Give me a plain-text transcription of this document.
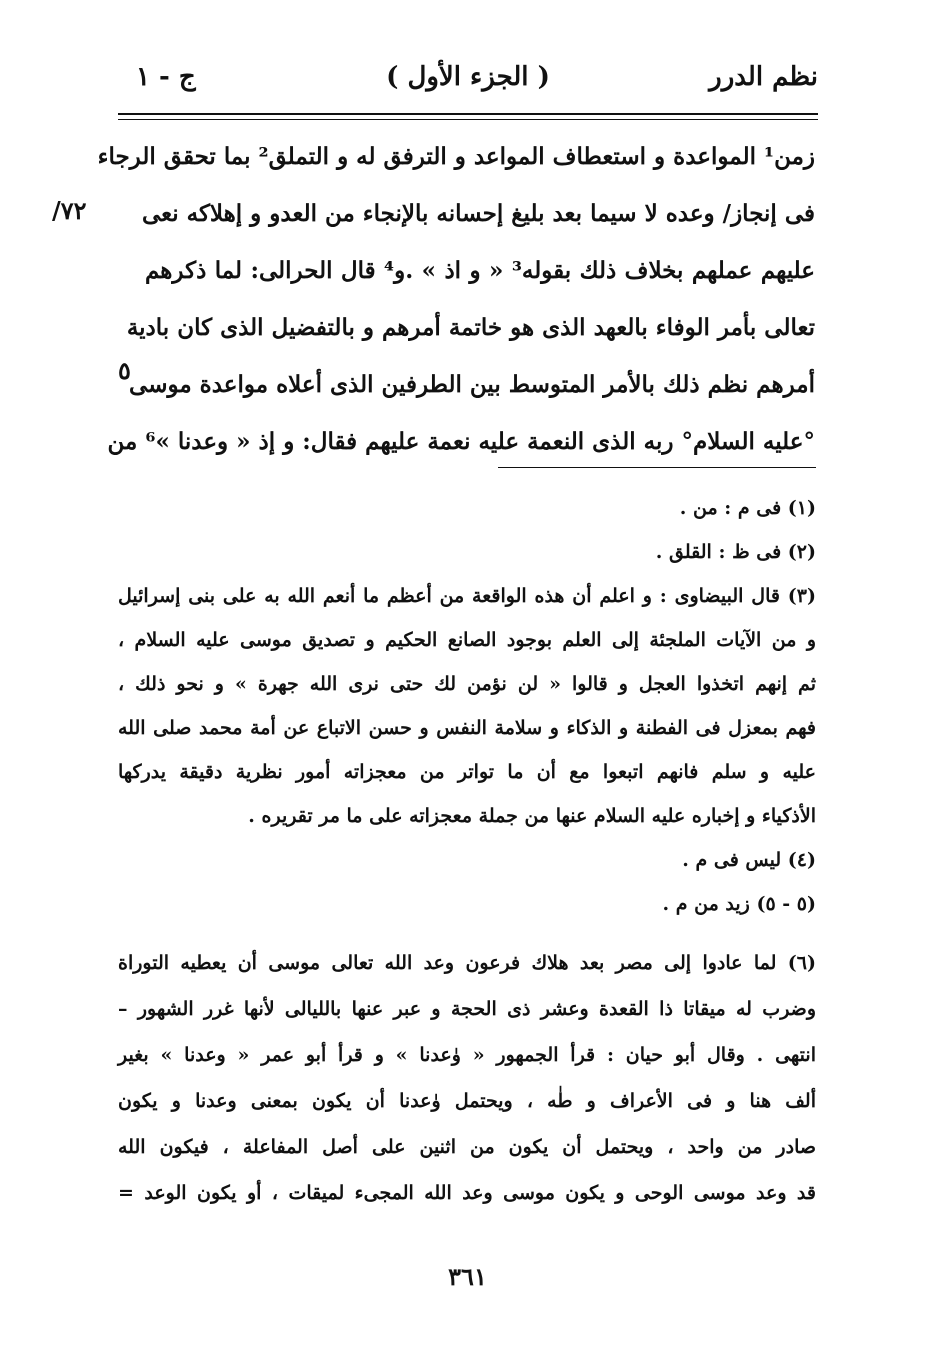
نظم الدرر
( الجزء الأول )
ج - ١
٧٢/
٥
زمن¹ المواعدة و استعطاف المواعد و الترفق له و التملق² بما تحقق الرجاء
فى إنجاز/ وعده لا سيما بعد بليغ إحسانه بالإنجاء من العدو و إهلاكه نعى
عليهم عملهم بخلاف ذلك بقوله³ « و اذ » .و⁴ قال الحرالى: لما ذكرهم
تعالى بأمر الوفاء بالعهد الذى هو خاتمة أمرهم و بالتفضيل الذى كان بادية
أمرهم نظم ذلك بالأمر المتوسط بين الطرفين الذى أعلاه مواعدة موسى
°عليه السلام° ربه الذى النعمة عليه نعمة عليهم فقال: و إذ « وعدنا »⁶ من
(١) فى م : من .
(٢) فى ظ : القلق .
(٣) قال البيضاوى : و اعلم أن هذه الواقعة من أعظم ما أنعم الله به على بنى إسرائيل
و من الآيات الملجئة إلى العلم بوجود الصانع الحكيم و تصديق موسى عليه السلام ،
ثم إنهم اتخذوا العجل و قالوا « لن نؤمن لك حتى نرى الله جهرة » و نحو ذلك ،
فهم بمعزل فى الفطنة و الذكاء و سلامة النفس و حسن الاتباع عن أمة محمد صلى الله
عليه و سلم فانهم اتبعوا مع أن ما تواتر من معجزاته أمور نظرية دقيقة يدركها
الأذكياء و إخباره عليه السلام عنها من جملة معجزاته على ما مر تقريره .
(٤) ليس فى م .
(٥ - ٥) زيد من م .
(٦) لما عادوا إلى مصر بعد هلاك فرعون وعد الله تعالى موسى أن يعطيه التوراة
وضرب له ميقاتا ذا القعدة وعشر ذى الحجة و عبر عنها بالليالى لأنها غرر الشهور –
انتهى . وقال أبو حيان : قرأ الجمهور « وٰعدنا » و قرأ أبو عمر « وعدنا » بغير
ألف هنا و فى الأعراف و طٰه ، ويحتمل وٰعدنا أن يكون بمعنى وعدنا و يكون
صادر من واحد ، ويحتمل أن يكون من اثنين على أصل المفاعلة ، فيكون الله
قد وعد موسى الوحى و يكون موسى وعد الله المجىء لميقات ، أو يكون الوعد =
٣٦١
